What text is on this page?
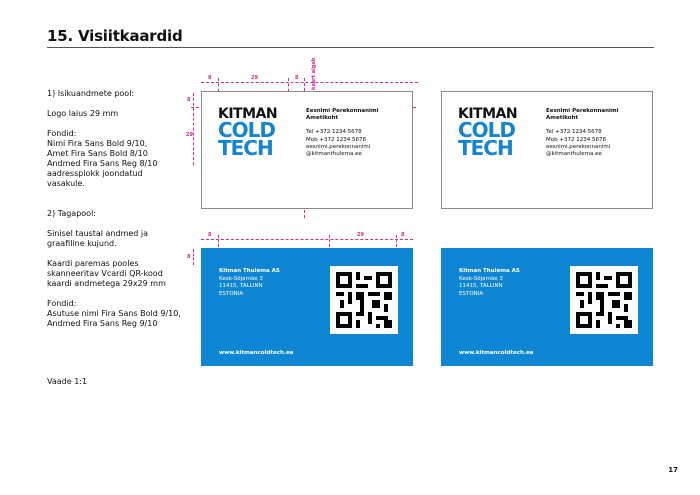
15. Visiitkaardid
1) Isikuandmete pool:
Logo laius 29 mm
Fondid:
Nimi Fira Sans Bold 9/10,
Amet Fira Sans Bold 8/10
Andmed Fira Sans Reg 8/10
aadressplokk joondatud
vasakule.
2) Tagapool:
Sinisel taustal andmed ja
graafiline kujund.
Kaardi paremas pooles
skanneeritav Vcardi QR-kood
kaardi andmetega 29x29 mm
Fondid:
Asutuse nimi Fira Sans Bold 9/10,
Andmed Fira Sans Reg 9/10
Vaade 1:1
8	29	8	kaart algab
8
29
KITMAN
COLD
TECH
Eesnimi Perekonnanimi
Ametikoht
Tel +372 1234 5678
Mob +372 1234 5678
eesnimi.perekonnanimi
@kitmanthulema.ee
KITMAN
COLD
TECH
Eesnimi Perekonnanimi
Ametikoht
Tel +372 1234 5678
Mob +372 1234 5678
eesnimi.perekonnanimi
@kitmanthulema.ee
8	29	8
8
Kitman Thulema AS
Kesk-Sõjamäe 3
11415, TALLINN
ESTONIA
www.kitmancoldtech.ee
Kitman Thulema AS
Kesk-Sõjamäe 3
11415, TALLINN
ESTONIA
www.kitmancoldtech.ee
17
